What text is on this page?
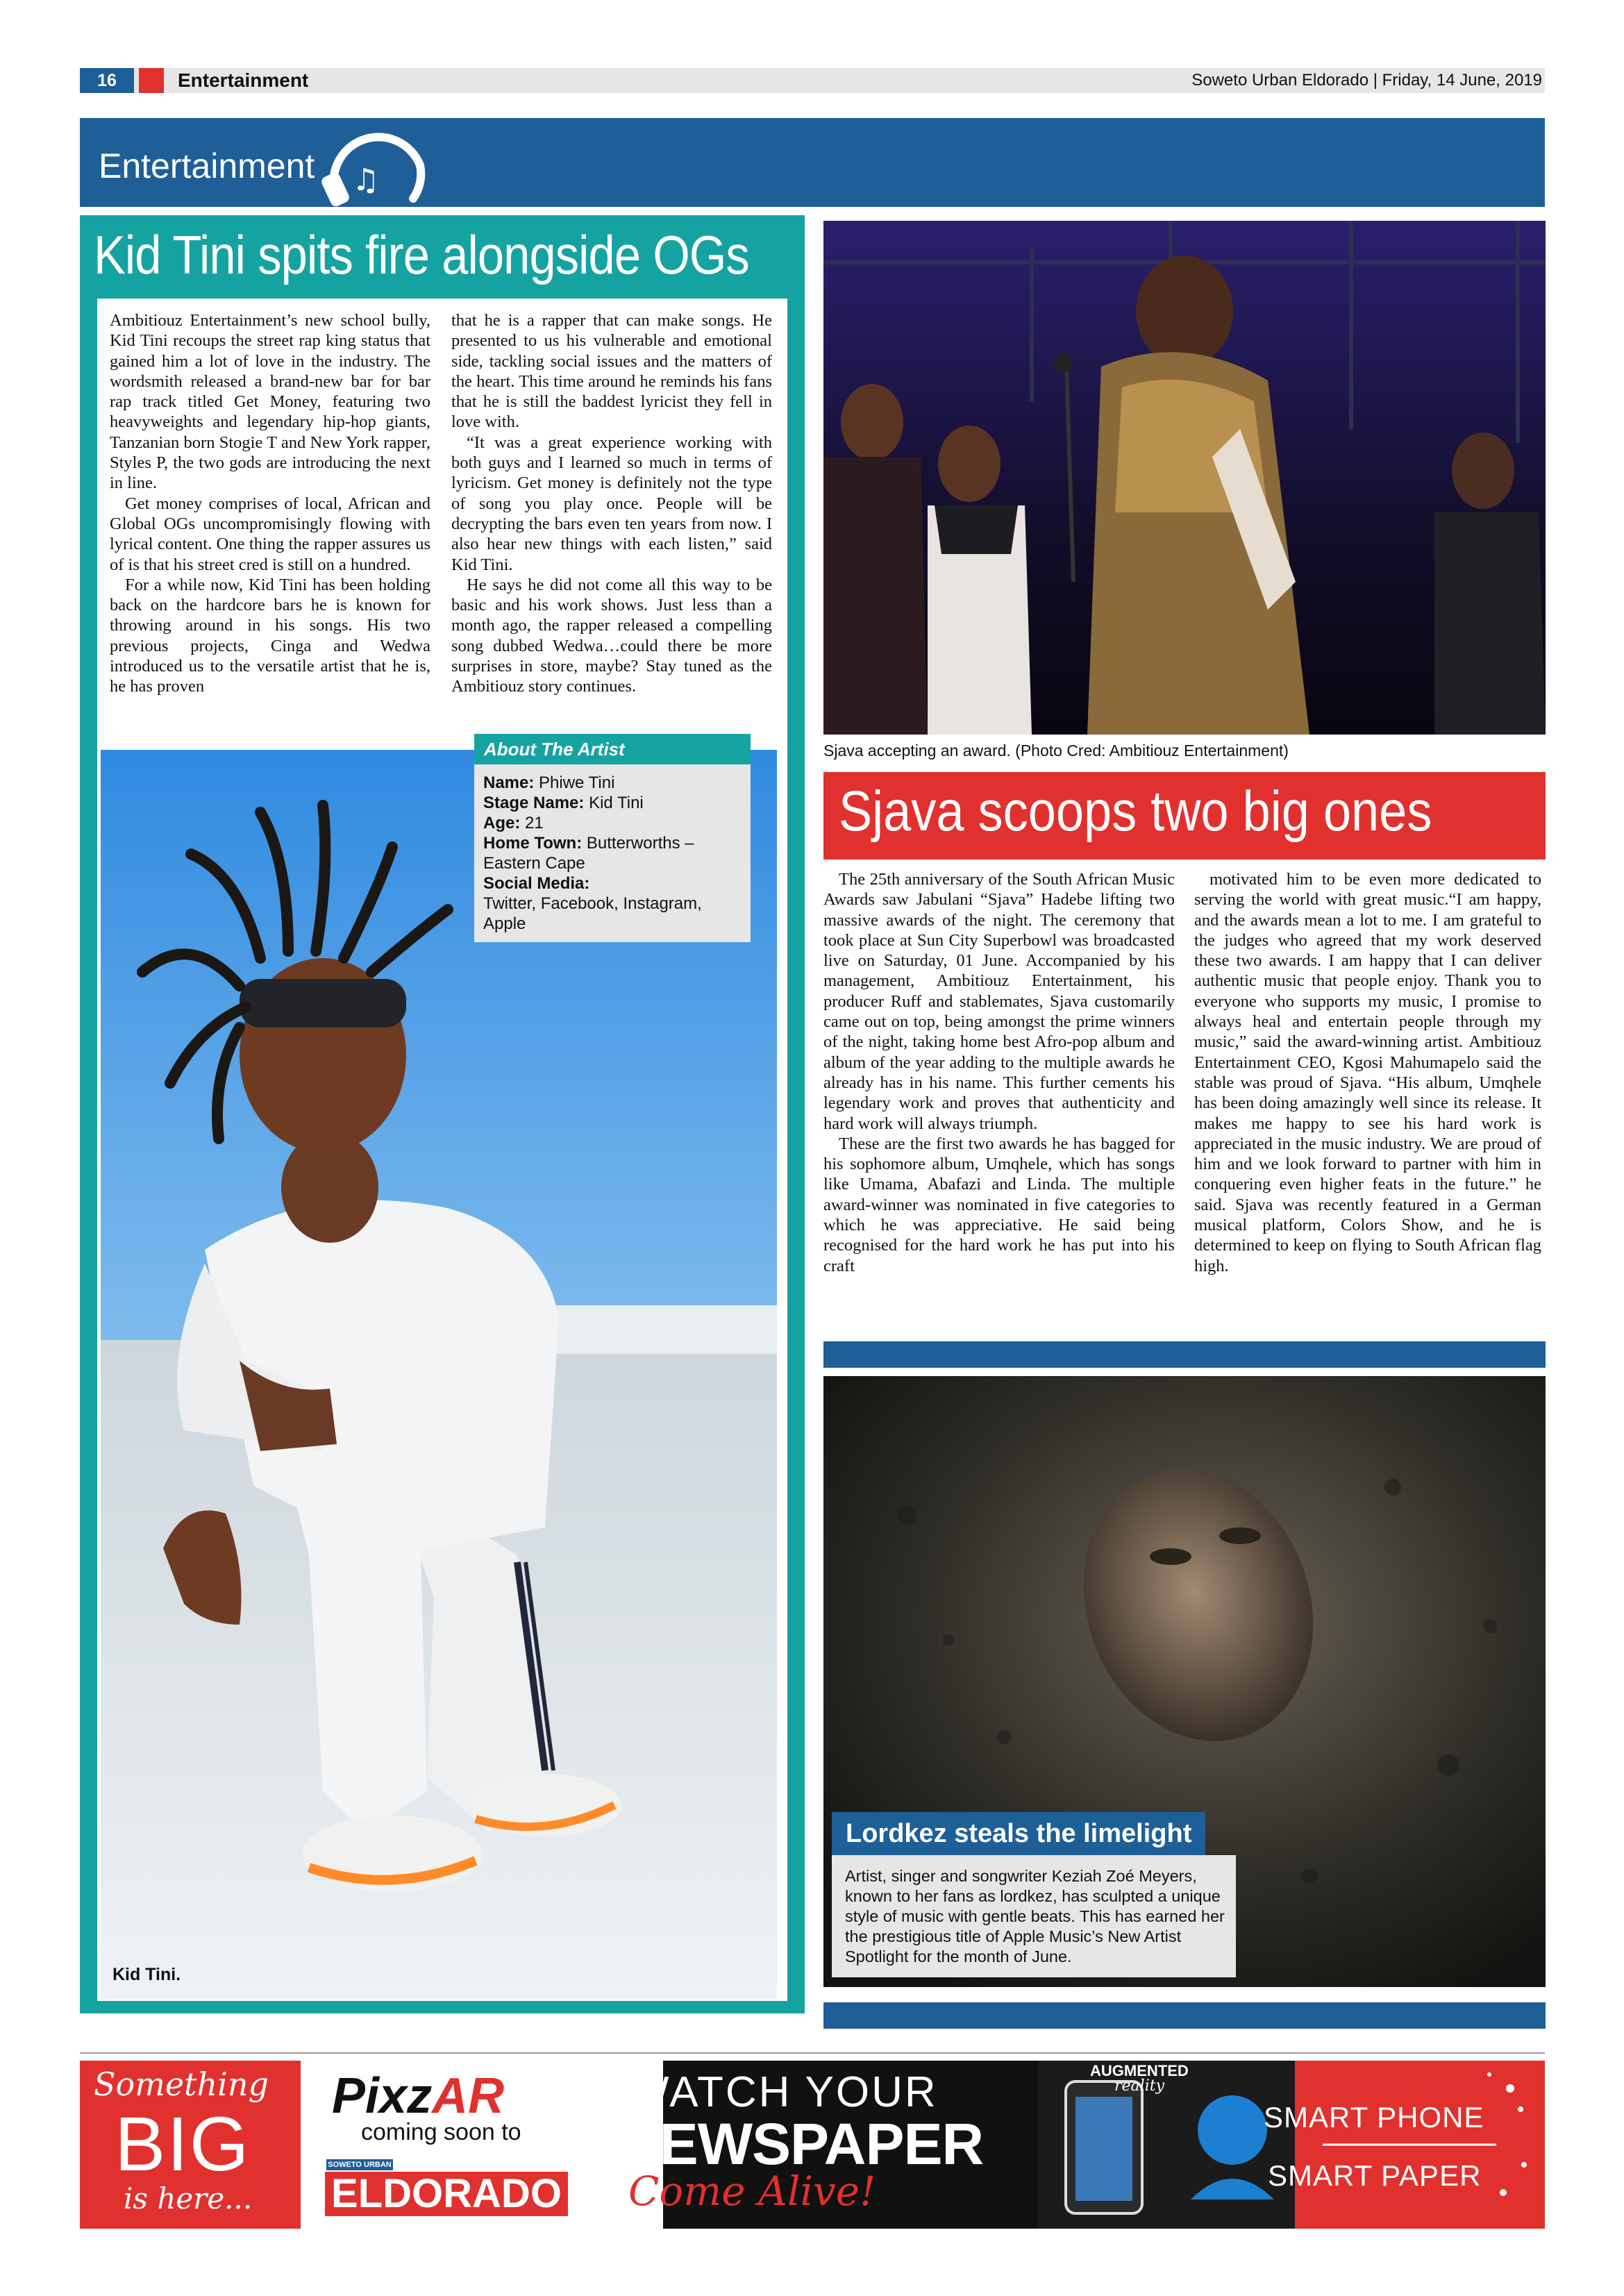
16	Entertainment	Soweto Urban Eldorado | Friday, 14 June, 2019
Entertainment ♫
Kid Tini spits fire alongside OGs

Ambitiouz Entertainment’s new school bully, Kid Tini recoups the street rap king status that gained him a lot of love in the industry. The wordsmith released a brand-new bar for bar rap track titled Get Money, featuring two heavyweights and legendary hip-hop giants, Tanzanian born Stogie T and New York rapper, Styles P, the two gods are introducing the next in line.

Get money comprises of local, African and Global OGs uncompromisingly flowing with lyrical content. One thing the rapper assures us of is that his street cred is still on a hundred.

For a while now, Kid Tini has been holding back on the hardcore bars he is known for throwing around in his songs. His two previous projects, Cinga and Wedwa introduced us to the versatile artist that he is, he has proven

that he is a rapper that can make songs. He presented to us his vulnerable and emotional side, tackling social issues and the matters of the heart. This time around he reminds his fans that he is still the baddest lyricist they fell in love with.

“It was a great experience working with both guys and I learned so much in terms of lyricism. Get money is definitely not the type of song you play once. People will be decrypting the bars even ten years from now. I also hear new things with each listen,” said Kid Tini.

He says he did not come all this way to be basic and his work shows. Just less than a month ago, the rapper released a compelling song dubbed Wedwa…could there be more surprises in store, maybe? Stay tuned as the Ambitiouz story continues.

Kid Tini.
About The Artist
Name: Phiwe Tini
Stage Name: Kid Tini
Age: 21
Home Town: Butterworths – Eastern Cape
Social Media:
Twitter, Facebook, Instagram, Apple
Sjava accepting an award. (Photo Cred: Ambitiouz Entertainment)
Sjava scoops two big ones

The 25th anniversary of the South African Music Awards saw Jabulani “Sjava” Hadebe lifting two massive awards of the night. The ceremony that took place at Sun City Superbowl was broadcasted live on Saturday, 01 June. Accompanied by his management, Ambitiouz Entertainment, his producer Ruff and stablemates, Sjava customarily came out on top, being amongst the prime winners of the night, taking home best Afro-pop album and album of the year adding to the multiple awards he already has in his name. This further cements his legendary work and proves that authenticity and hard work will always triumph.

These are the first two awards he has bagged for his sophomore album, Umqhele, which has songs like Umama, Abafazi and Linda. The multiple award-winner was nominated in five categories to which he was appreciative. He said being recognised for the hard work he has put into his craft

motivated him to be even more dedicated to serving the world with great music.“I am happy, and the awards mean a lot to me. I am grateful to the judges who agreed that my work deserved these two awards. I am happy that I can deliver authentic music that people enjoy. Thank you to everyone who supports my music, I promise to always heal and entertain people through my music,” said the award-winning artist. Ambitiouz Entertainment CEO, Kgosi Mahumapelo said the stable was proud of Sjava. “His album, Umqhele has been doing amazingly well since its release. It makes me happy to see his hard work is appreciated in the music industry. We are proud of him and we look forward to partner with him in conquering even higher feats in the future.” he said. Sjava was recently featured in a German musical platform, Colors Show, and he is determined to keep on flying to South African flag high.

Lordkez steals the limelight
Artist, singer and songwriter Keziah Zoé Meyers, known to her fans as lordkez, has sculpted a unique style of music with gentle beats. This has earned her the prestigious title of Apple Music’s New Artist Spotlight for the month of June.
Something
BIG
is here...
PixzAR
coming soon to
SOWETO URBAN
ELDORADO
WATCH YOUR
NEWSPAPER
Come Alive!
AUGMENTED
reality
SMART PHONE
SMART PAPER
